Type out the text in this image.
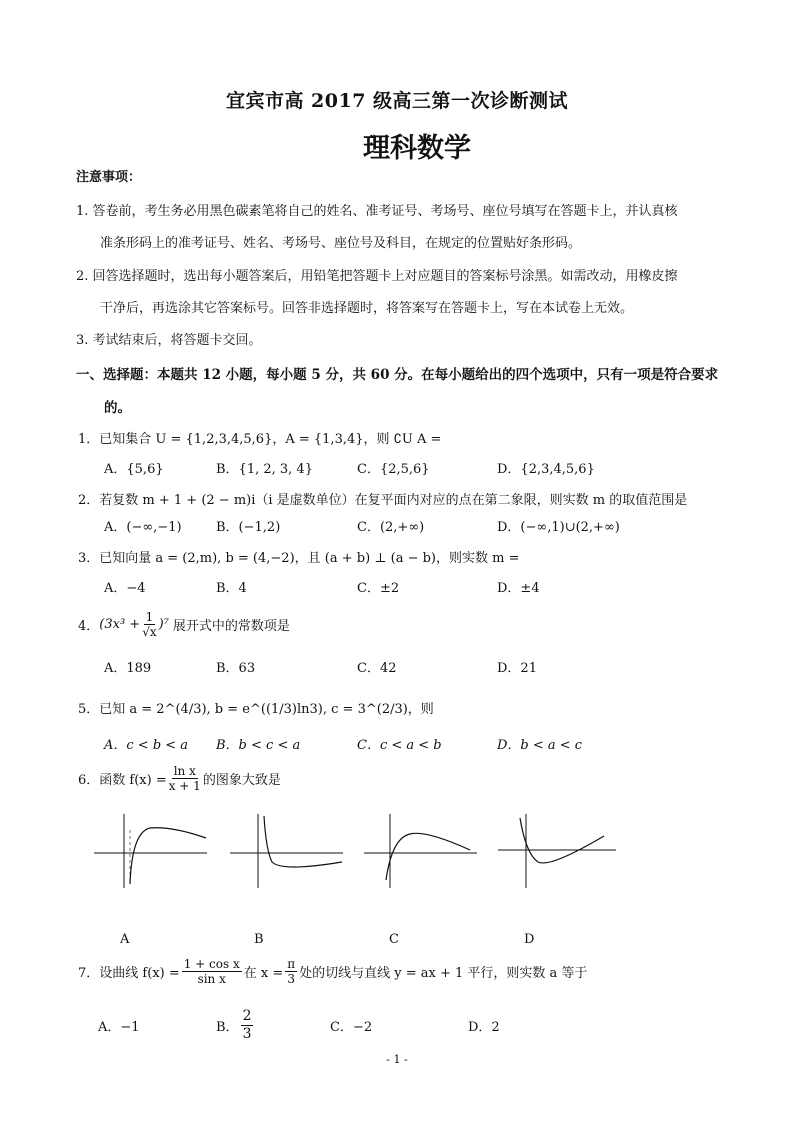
宜宾市高 2017 级高三第一次诊断测试
理科数学
注意事项：
1. 答卷前，考生务必用黑色碳素笔将自己的姓名、准考证号、考场号、座位号填写在答题卡上，并认真核
准条形码上的准考证号、姓名、考场号、座位号及科目，在规定的位置贴好条形码。
2. 回答选择题时，选出每小题答案后，用铅笔把答题卡上对应题目的答案标号涂黑。如需改动，用橡皮擦
干净后，再选涂其它答案标号。回答非选择题时，将答案写在答题卡上，写在本试卷上无效。
3. 考试结束后，将答题卡交回。
一、选择题：本题共 12 小题，每小题 5 分，共 60 分。在每小题给出的四个选项中，只有一项是符合要求
的。
1．已知集合 U = {1,2,3,4,5,6}，A = {1,3,4}，则 ∁U A =
A．{5,6}	B．{1, 2, 3, 4}	C．{2,5,6}	D．{2,3,4,5,6}
2．若复数 m + 1 + (2 − m)i（i 是虚数单位）在复平面内对应的点在第二象限，则实数 m 的取值范围是
A．(−∞,−1)	B．(−1,2)	C．(2,+∞)	D．(−∞,1)∪(2,+∞)
3．已知向量 a = (2,m), b = (4,−2)，且 (a + b) ⊥ (a − b)，则实数 m =
A．−4	B．4	C．±2	D．±4
4． $(3x^3 + \frac{1}{√x} )^7$ 展开式中的常数项是
A．189	B．63	C．42	D．21
5．已知 a = 2^(4/3), b = e^((1/3)ln3), c = 3^(2/3)，则
A．c < b < a B．b < c < a	C．c < a < b	D．b < a < c
6．函数 $f(x) = \frac{\text{ln x}}{x + 1}$ 的图象大致是
A	B	C	D
7．设曲线 $f(x) = \frac{\text{1 + cos x}}{\text{sin x}}$ 在 $x = \frac{\pi}{3}$ 处的切线与直线 y = ax + 1 平行，则实数 a 等于
A．−1	B． $\frac{2}{3}$	C．−2	D．2
- 1 -
